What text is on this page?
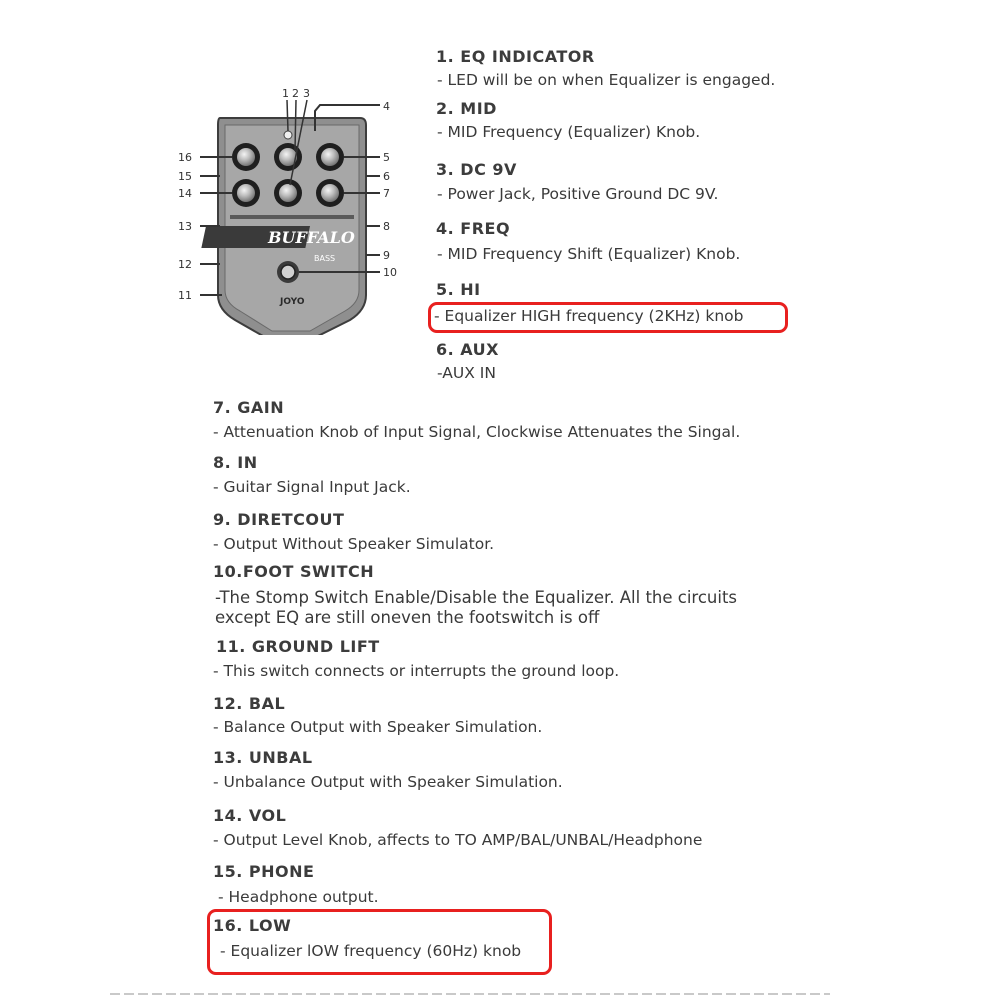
BUFFALO
BASS
JOYO
1 2 3
4
5
6
7
8
9
10
11
12
13
14
15
16
1. EQ INDICATOR
- LED will be on when Equalizer is engaged.
2. MID
- MID Frequency (Equalizer) Knob.
3. DC 9V
- Power Jack, Positive Ground DC 9V.
4. FREQ
- MID Frequency Shift (Equalizer) Knob.
5. HI
- Equalizer HIGH frequency (2KHz) knob
6. AUX
-AUX IN
7. GAIN
- Attenuation Knob of Input Signal, Clockwise Attenuates the Singal.
8. IN
- Guitar Signal Input Jack.
9. DIRETCOUT
- Output Without Speaker Simulator.
10.FOOT SWITCH
-The Stomp Switch Enable/Disable the Equalizer. All the circuits
except EQ are still oneven the footswitch is off
11. GROUND LIFT
- This switch connects or interrupts the ground loop.
12. BAL
- Balance Output with Speaker Simulation.
13. UNBAL
- Unbalance Output with Speaker Simulation.
14. VOL
- Output Level Knob, affects to TO AMP/BAL/UNBAL/Headphone
15. PHONE
- Headphone output.
16. LOW
- Equalizer lOW frequency (60Hz) knob
